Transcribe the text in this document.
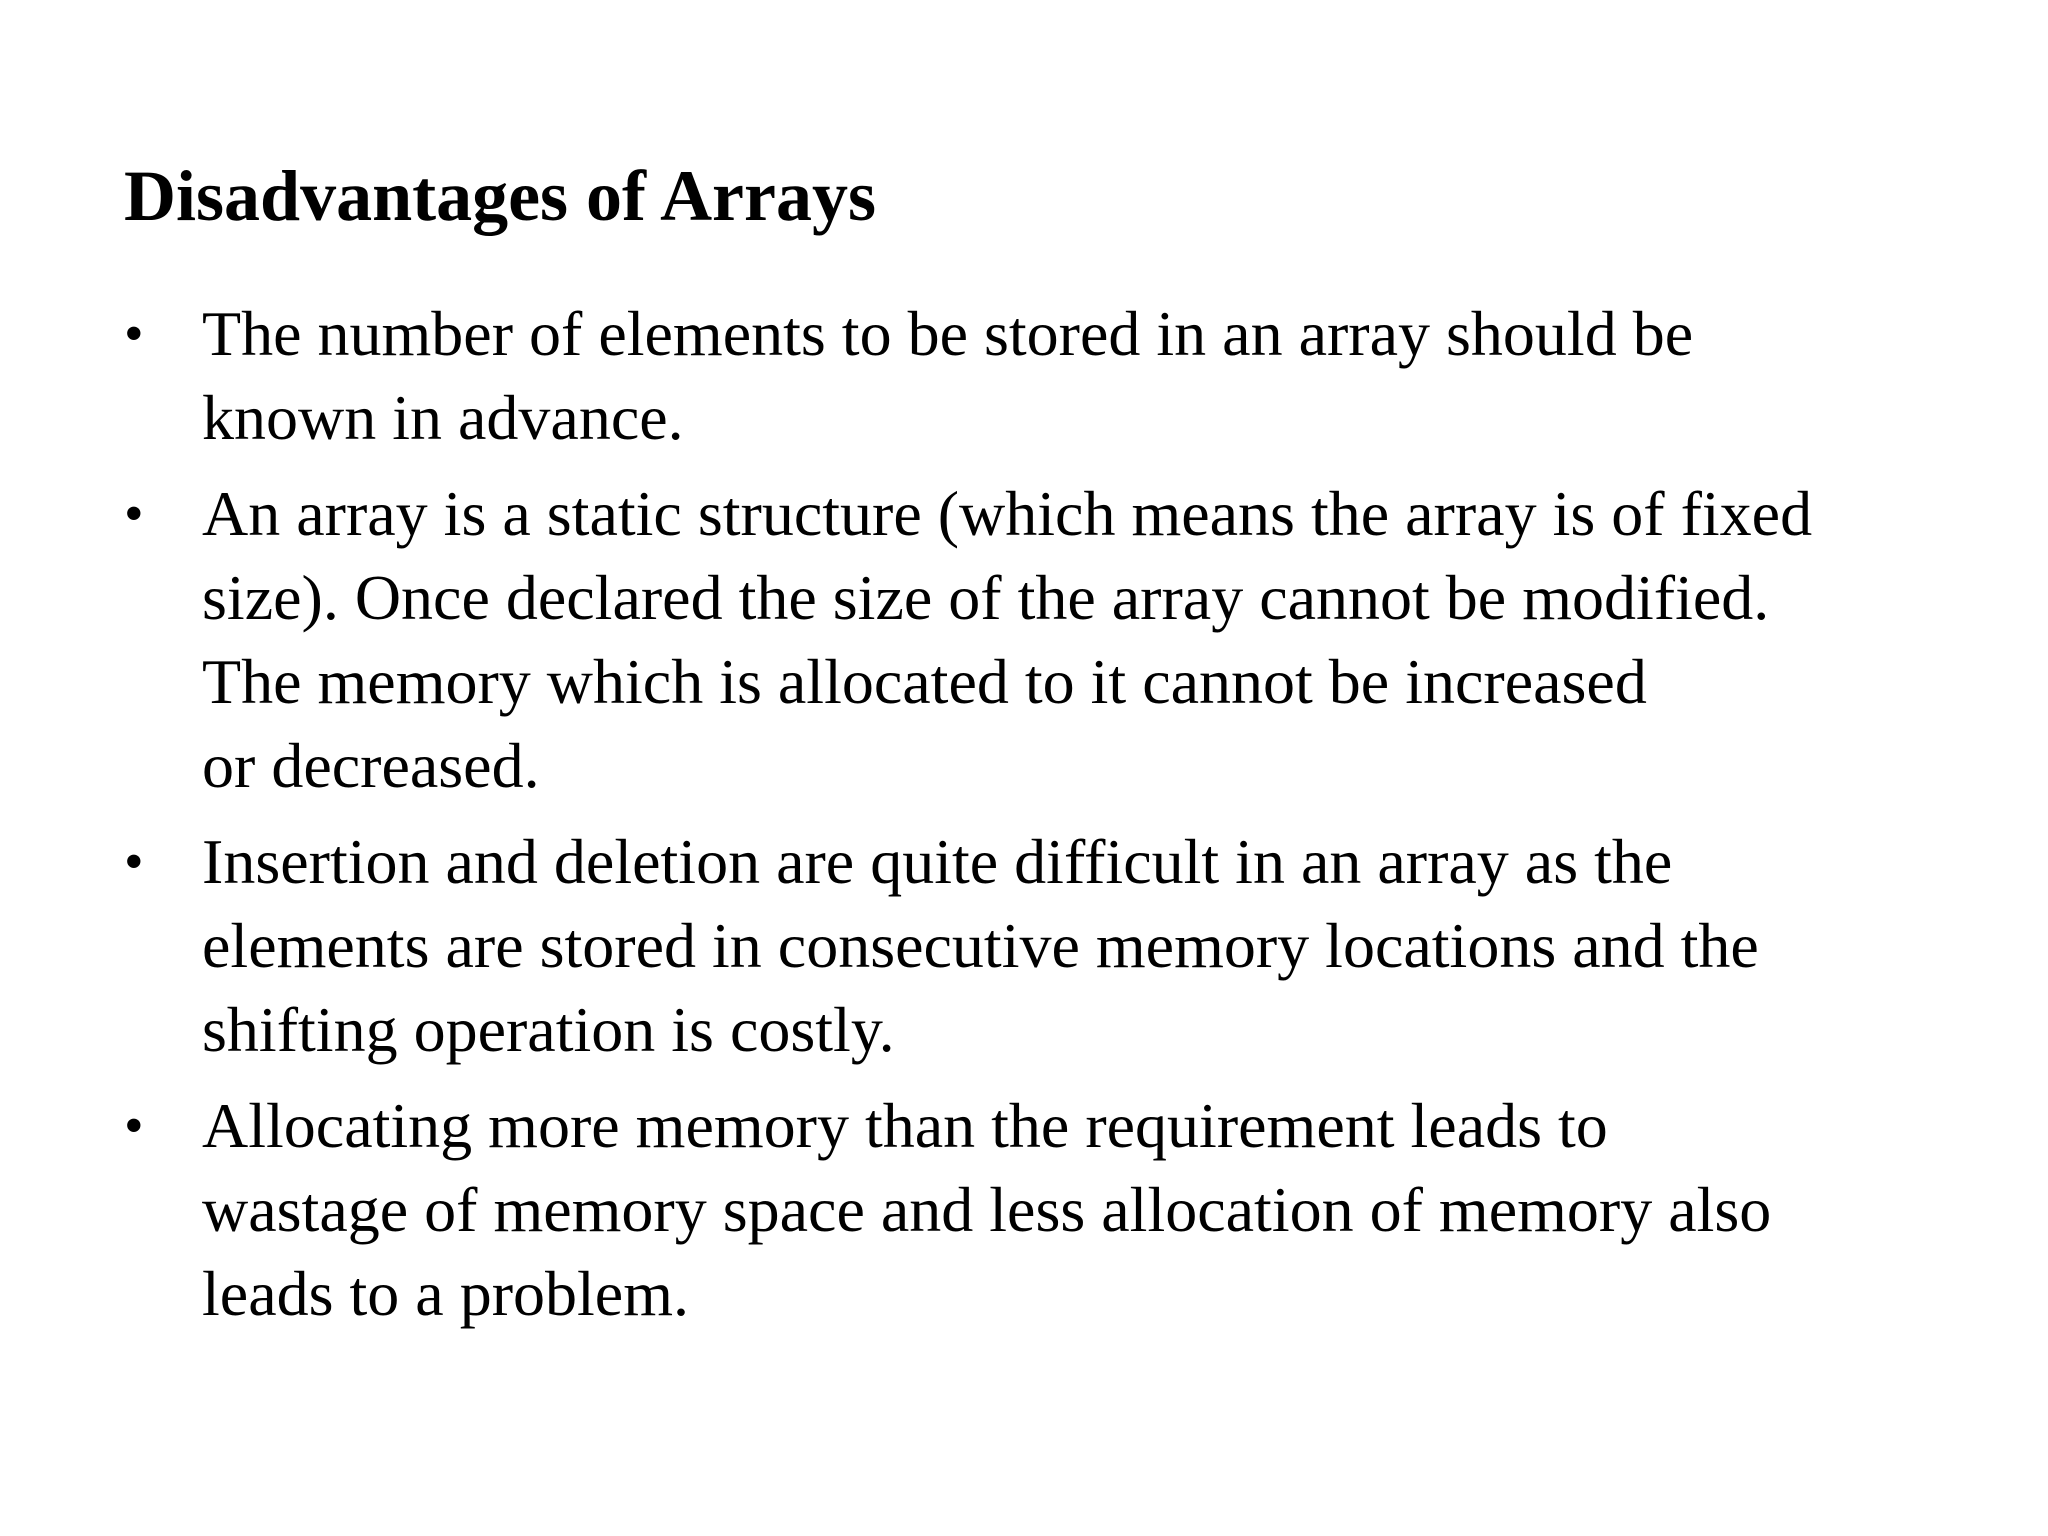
Disadvantages of Arrays
• The number of elements to be stored in an array should be
known in advance.
• An array is a static structure (which means the array is of fixed
size). Once declared the size of the array cannot be modified.
The memory which is allocated to it cannot be increased
or decreased.
• Insertion and deletion are quite difficult in an array as the
elements are stored in consecutive memory locations and the
shifting operation is costly.
• Allocating more memory than the requirement leads to
wastage of memory space and less allocation of memory also
leads to a problem.
